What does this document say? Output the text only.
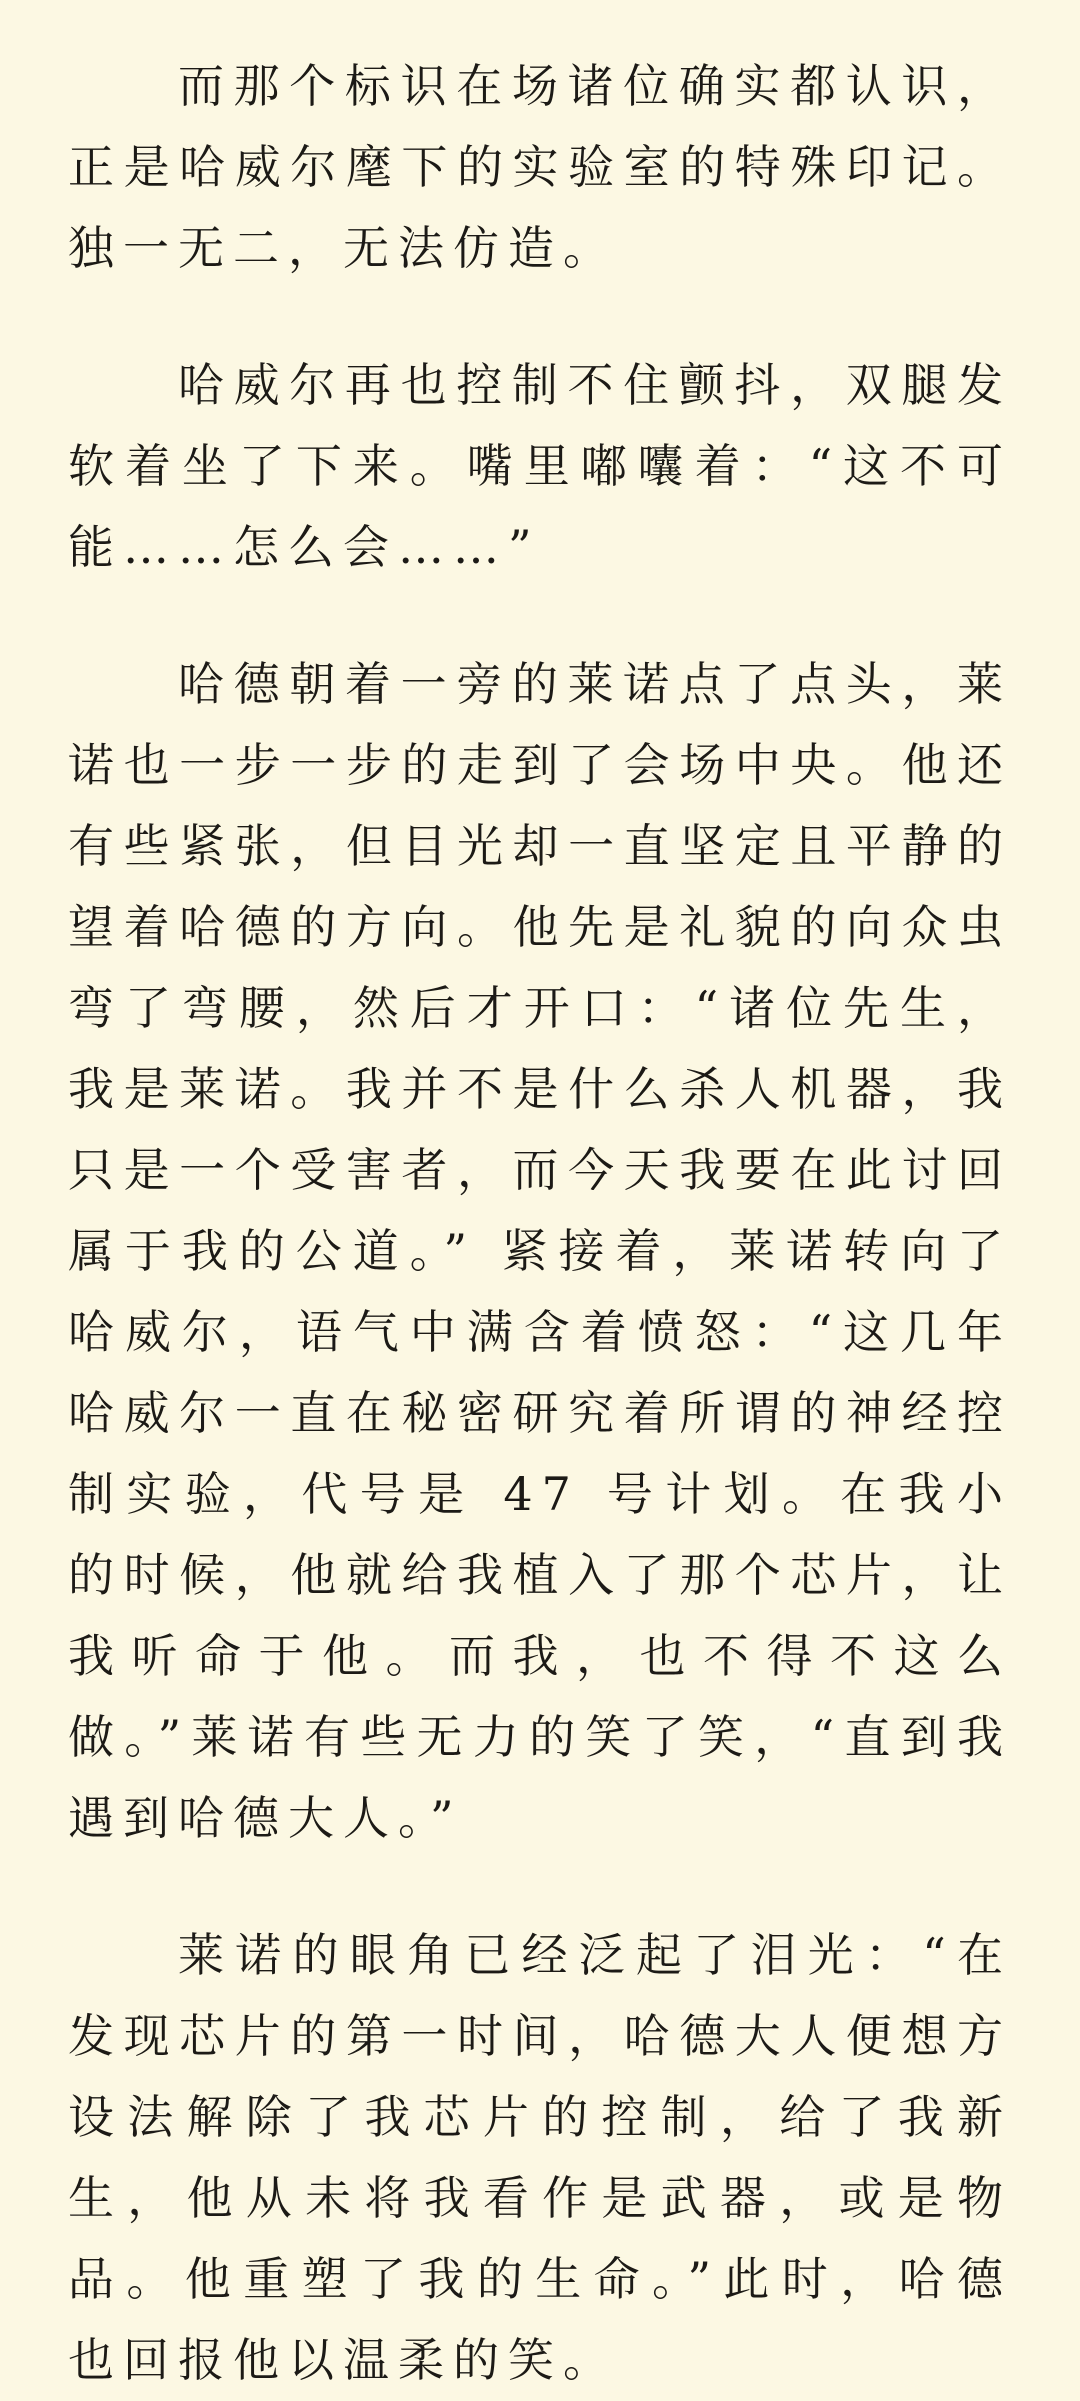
而那个标识在场诸位确实都认识，正是哈威尔麾下的实验室的特殊印记。独一无二，无法仿造。

哈威尔再也控制不住颤抖，双腿发软着坐了下来。嘴里嘟囔着：“这不可能……怎么会……”

哈德朝着一旁的莱诺点了点头，莱诺也一步一步的走到了会场中央。他还有些紧张，但目光却一直坚定且平静的望着哈德的方向。他先是礼貌的向众虫弯了弯腰，然后才开口：“诸位先生，我是莱诺。我并不是什么杀人机器，我只是一个受害者，而今天我要在此讨回属于我的公道。” 紧接着，莱诺转向了哈威尔，语气中满含着愤怒：“这几年哈威尔一直在秘密研究着所谓的神经控制实验，代号是 47 号计划。在我小的时候，他就给我植入了那个芯片，让我听命于他。而我，也不得不这么做。”莱诺有些无力的笑了笑，“直到我遇到哈德大人。”

莱诺的眼角已经泛起了泪光：“在发现芯片的第一时间，哈德大人便想方设法解除了我芯片的控制，给了我新生，他从未将我看作是武器，或是物品。他重塑了我的生命。”此时，哈德也回报他以温柔的笑。
